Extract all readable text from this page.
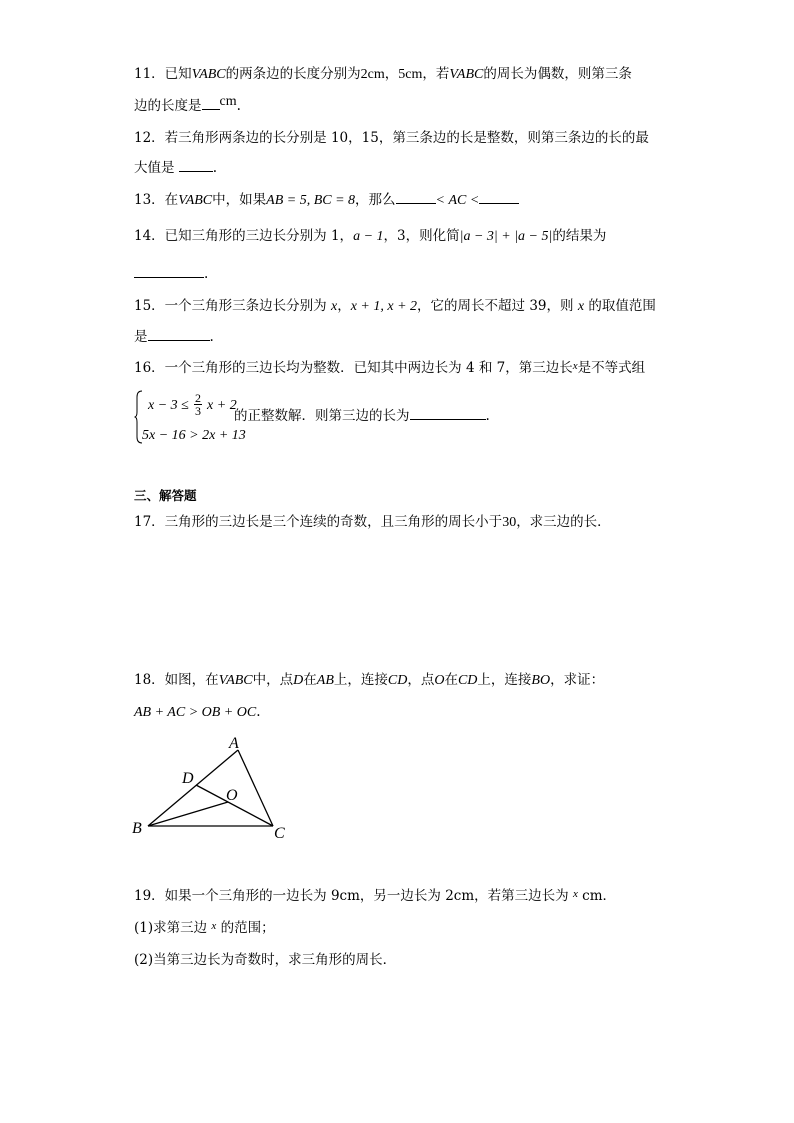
11．已知VABC的两条边的长度分别为2cm，5cm，若VABC的周长为偶数，则第三条
边的长度是 cm.
12．若三角形两条边的长分别是 10，15，第三条边的长是整数，则第三条边的长的最
大值是	.
13．在VABC中，如果AB = 5, BC = 8，那么	< AC <
14．已知三角形的三边长分别为 1，a − 1，3，则化简|a − 3| + |a − 5|的结果为
.
15．一个三角形三条边长分别为 x，x + 1, x + 2，它的周长不超过 39，则 x 的取值范围
是	.
16．一个三角形的三边长均为整数．已知其中两边长为 4 和 7，第三边长$^x$是不等式组
$x - 3 \le \frac{2}{3}$ x + 2
5x − 16 > 2x + 13
的正整数解．则第三边的长为	.
三、解答题
17．三角形的三边长是三个连续的奇数，且三角形的周长小于30，求三边的长．
18．如图，在VABC中，点D在AB上，连接CD，点O在CD上，连接BO，求证：
AB + AC > OB + OC.
A
B	C
D
O
19．如果一个三角形的一边长为 9cm，另一边长为 2cm，若第三边长为 $^x$ cm．
(1)求第三边 $^x$ 的范围；
(2)当第三边长为奇数时，求三角形的周长．
